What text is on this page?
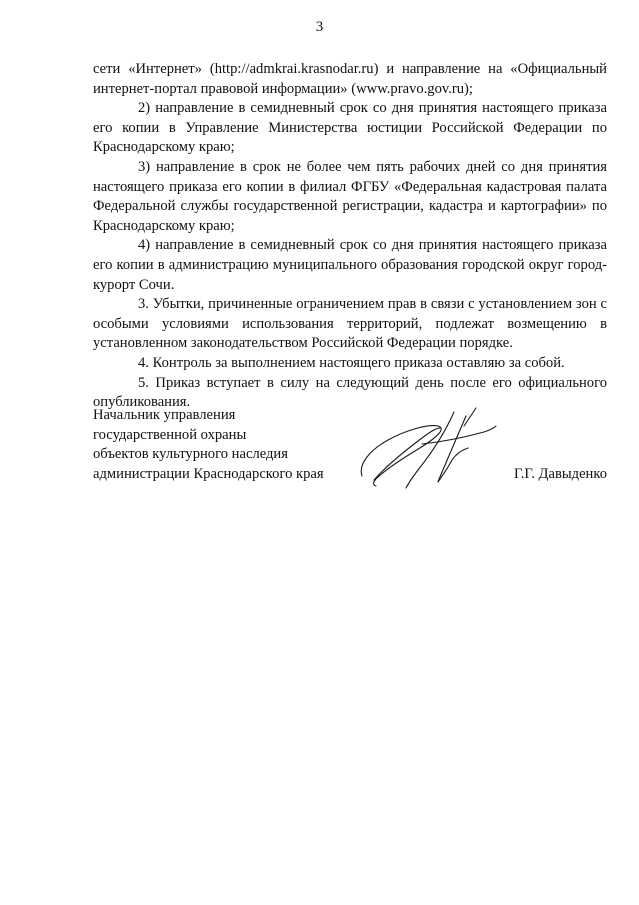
3

сети «Интернет» (http://admkrai.krasnodar.ru) и направление на «Официальный интернет-портал правовой информации» (www.pravo.gov.ru);

2) направление в семидневный срок со дня принятия настоящего приказа его копии в Управление Министерства юстиции Российской Федерации по Краснодарскому краю;

3) направление в срок не более чем пять рабочих дней со дня принятия настоящего приказа его копии в филиал ФГБУ «Федеральная кадастровая палата Федеральной службы государственной регистрации, кадастра и картографии» по Краснодарскому краю;

4) направление в семидневный срок со дня принятия настоящего приказа его копии в администрацию муниципального образования городской округ город-курорт Сочи.

3. Убытки, причиненные ограничением прав в связи с установлением зон с особыми условиями использования территорий, подлежат возмещению в установленном законодательством Российской Федерации порядке.

4. Контроль за выполнением настоящего приказа оставляю за собой.

5. Приказ вступает в силу на следующий день после его официального опубликования.

Начальник управления
государственной охраны
объектов культурного наследия
администрации Краснодарского края	Г.Г. Давыденко
